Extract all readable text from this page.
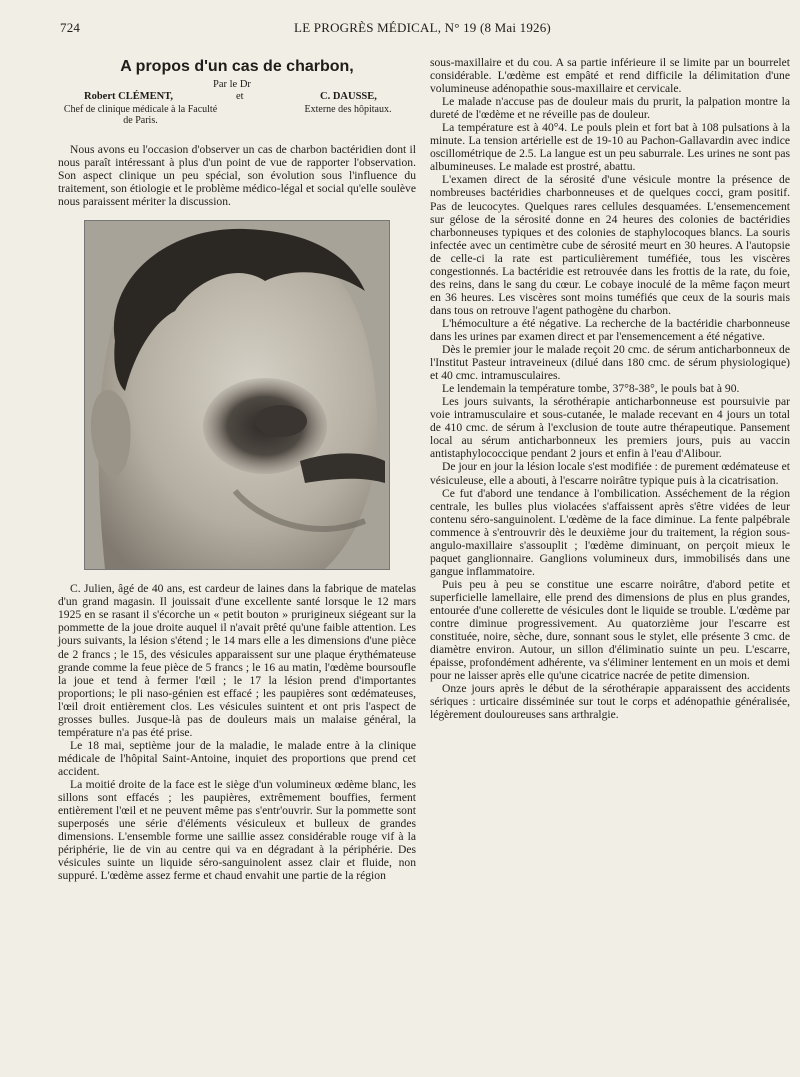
724	LE PROGRÈS MÉDICAL, N° 19 (8 Mai 1926)
A propos d'un cas de charbon,
Par le Dr
Robert CLÉMENT,	et	C. DAUSSE,
Chef de clinique médicale à la Faculté de Paris.
Externe des hôpitaux.

Nous avons eu l'occasion d'observer un cas de charbon bactéridien dont il nous paraît intéressant à plus d'un point de vue de rapporter l'observation. Son aspect clinique un peu spécial, son évolution sous l'influence du traitement, son étiologie et le problème médico-légal et social qu'elle soulève nous paraissent mériter la discussion.

C. Julien, âgé de 40 ans, est cardeur de laines dans la fabrique de matelas d'un grand magasin. Il jouissait d'une excellente santé lorsque le 12 mars 1925 en se rasant il s'écorche un « petit bouton » prurigineux siégeant sur la pommette de la joue droite auquel il n'avait prêté qu'une faible attention. Les jours suivants, la lésion s'étend ; le 14 mars elle a les dimensions d'une pièce de 2 francs ; le 15, des vésicules apparaissent sur une plaque érythémateuse grande comme la feue pièce de 5 francs ; le 16 au matin, l'œdème boursoufle la joue et tend à fermer l'œil ; le 17 la lésion prend d'importantes proportions; le pli naso-génien est effacé ; les paupières sont œdémateuses, l'œil droit entièrement clos. Les vésicules suintent et ont pris l'aspect de grosses bulles. Jusque-là pas de douleurs mais un malaise général, la température n'a pas été prise.

Le 18 mai, septième jour de la maladie, le malade entre à la clinique médicale de l'hôpital Saint-Antoine, inquiet des proportions que prend cet accident.

La moitié droite de la face est le siège d'un volumineux œdème blanc, les sillons sont effacés ; les paupières, extrêmement bouffies, ferment entièrement l'œil et ne peuvent même pas s'entr'ouvrir. Sur la pommette sont superposés une série d'éléments vésiculeux et bulleux de grandes dimensions. L'ensemble forme une saillie assez considérable rouge vif à la périphérie, lie de vin au centre qui va en dégradant à la périphérie. Des vésicules suinte un liquide séro-sanguinolent assez clair et fluide, non suppuré. L'œdème assez ferme et chaud envahit une partie de la région

sous-maxillaire et du cou. A sa partie inférieure il se limite par un bourrelet considérable. L'œdème est empâté et rend difficile la délimitation d'une volumineuse adénopathie sous-maxillaire et cervicale.

Le malade n'accuse pas de douleur mais du prurit, la palpation montre la dureté de l'œdème et ne réveille pas de douleur.

La température est à 40°4. Le pouls plein et fort bat à 108 pulsations à la minute. La tension artérielle est de 19-10 au Pachon-Gallavardin avec indice oscillométrique de 2.5. La langue est un peu saburrale. Les urines ne sont pas albumineuses. Le malade est prostré, abattu.

L'examen direct de la sérosité d'une vésicule montre la présence de nombreuses bactéridies charbonneuses et de quelques cocci, gram positif. Pas de leucocytes. Quelques rares cellules desquamées. L'ensemencement sur gélose de la sérosité donne en 24 heures des colonies de bactéridies charbonneuses typiques et des colonies de staphylocoques blancs. La souris infectée avec un centimètre cube de sérosité meurt en 30 heures. A l'autopsie de celle-ci la rate est particulièrement tuméfiée, tous les viscères congestionnés. La bactéridie est retrouvée dans les frottis de la rate, du foie, des reins, dans le sang du cœur. Le cobaye inoculé de la même façon meurt en 36 heures. Les viscères sont moins tuméfiés que ceux de la souris mais dans tous on retrouve l'agent pathogène du charbon.

L'hémoculture a été négative. La recherche de la bactéridie charbonneuse dans les urines par examen direct et par l'ensemencement a été négative.

Dès le premier jour le malade reçoit 20 cmc. de sérum anticharbonneux de l'Institut Pasteur intraveineux (dilué dans 180 cmc. de sérum physiologique) et 40 cmc. intramusculaires.

Le lendemain la température tombe, 37°8-38°, le pouls bat à 90.

Les jours suivants, la sérothérapie anticharbonneuse est poursuivie par voie intramusculaire et sous-cutanée, le malade recevant en 4 jours un total de 410 cmc. de sérum à l'exclusion de toute autre thérapeutique. Pansement local au sérum anticharbonneux les premiers jours, puis au vaccin antistaphylococcique pendant 2 jours et enfin à l'eau d'Alibour.

De jour en jour la lésion locale s'est modifiée : de purement œdémateuse et vésiculeuse, elle a abouti, à l'escarre noirâtre typique puis à la cicatrisation.

Ce fut d'abord une tendance à l'ombilication. Asséchement de la région centrale, les bulles plus violacées s'affaissent après s'être vidées de leur contenu séro-sanguinolent. L'œdème de la face diminue. La fente palpébrale commence à s'entrouvrir dès le deuxième jour du traitement, la région sous-angulo-maxillaire s'assouplit ; l'œdème diminuant, on perçoit mieux le paquet ganglionnaire. Ganglions volumineux durs, immobilisés dans une gangue inflammatoire.

Puis peu à peu se constitue une escarre noirâtre, d'abord petite et superficielle lamellaire, elle prend des dimensions de plus en plus grandes, entourée d'une collerette de vésicules dont le liquide se trouble. L'œdème par contre diminue progressivement. Au quatorzième jour l'escarre est constituée, noire, sèche, dure, sonnant sous le stylet, elle présente 3 cmc. de diamètre environ. Autour, un sillon d'éliminatio suinte un peu. L'escarre, épaisse, profondément adhérente, va s'éliminer lentement en un mois et demi pour ne laisser après elle qu'une cicatrice nacrée de petite dimension.

Onze jours après le début de la sérothérapie apparaissent des accidents sériques : urticaire disséminée sur tout le corps et adénopathie généralisée, légèrement douloureuses sans arthralgie.
